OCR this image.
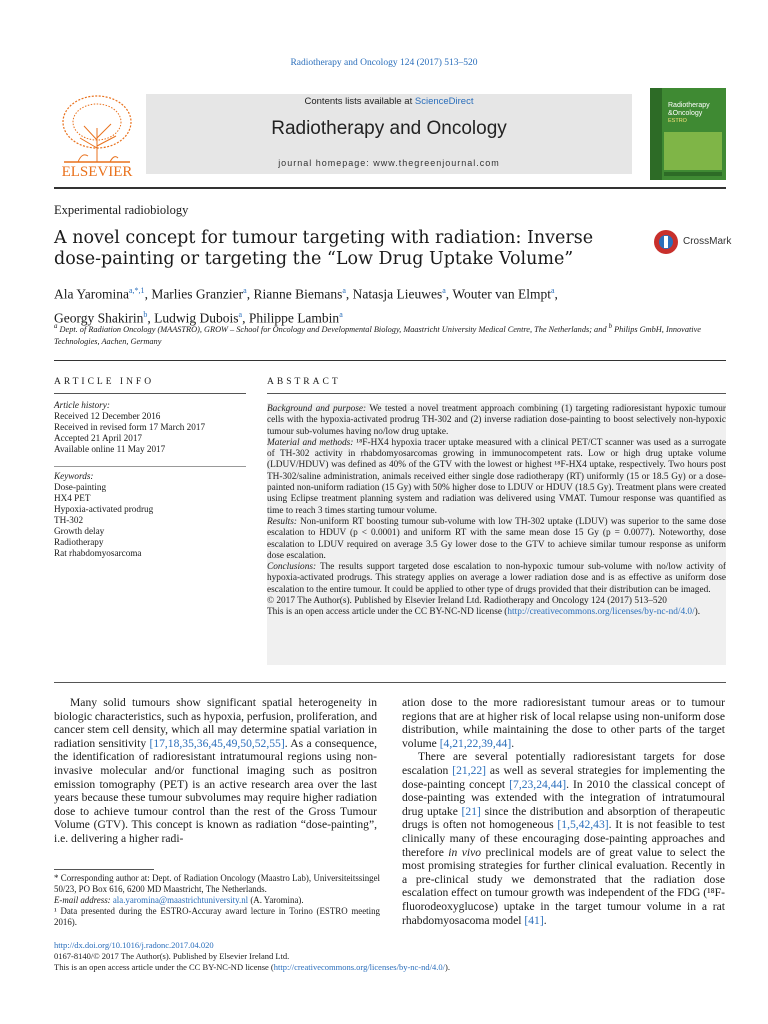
Radiotherapy and Oncology 124 (2017) 513–520
ELSEVIER
Contents lists available at ScienceDirect
Radiotherapy and Oncology
journal homepage: www.thegreenjournal.com
Radiotherapy
&Oncology
ESTRO
Experimental radiobiology
A novel concept for tumour targeting with radiation: Inverse dose-painting or targeting the “Low Drug Uptake Volume”
CrossMark
Ala Yaromina$^{a,*,1}$, Marlies Granzier$^a$, Rianne Biemans$^a$, Natasja Lieuwes$^a$, Wouter van Elmpt$^a$,
Georgy Shakirin$^b$, Ludwig Dubois$^a$, Philippe Lambin$^a$
$^a$ Dept. of Radiation Oncology (MAASTRO), GROW – School for Oncology and Developmental Biology, Maastricht University Medical Centre, The Netherlands; and $^b$ Philips GmbH, Innovative Technologies, Aachen, Germany
ARTICLE INFO	ABSTRACT
Article history:
Received 12 December 2016
Received in revised form 17 March 2017
Accepted 21 April 2017
Available online 11 May 2017
Keywords:
Dose-painting
HX4 PET
Hypoxia-activated prodrug
TH-302
Growth delay
Radiotherapy
Rat rhabdomyosarcoma
Background and purpose: We tested a novel treatment approach combining (1) targeting radioresistant hypoxic tumour cells with the hypoxia-activated prodrug TH-302 and (2) inverse radiation dose-painting to boost selectively non-hypoxic tumour sub-volumes having no/low drug uptake.
Material and methods: ¹⁸F-HX4 hypoxia tracer uptake measured with a clinical PET/CT scanner was used as a surrogate of TH-302 activity in rhabdomyosarcomas growing in immunocompetent rats. Low or high drug uptake volume (LDUV/HDUV) was defined as 40% of the GTV with the lowest or highest ¹⁸F-HX4 uptake, respectively. Two hours post TH-302/saline administration, animals received either single dose radiotherapy (RT) uniformly (15 or 18.5 Gy) or a dose-painted non-uniform radiation (15 Gy) with 50% higher dose to LDUV or HDUV (18.5 Gy). Treatment plans were created using Eclipse treatment planning system and radiation was delivered using VMAT. Tumour response was quantified as time to reach 3 times starting tumour volume.
Results: Non-uniform RT boosting tumour sub-volume with low TH-302 uptake (LDUV) was superior to the same dose escalation to HDUV (p < 0.0001) and uniform RT with the same mean dose 15 Gy (p = 0.0077). Noteworthy, dose escalation to LDUV required on average 3.5 Gy lower dose to the GTV to achieve similar tumour response as uniform dose escalation.
Conclusions: The results support targeted dose escalation to non-hypoxic tumour sub-volume with no/low activity of hypoxia-activated prodrugs. This strategy applies on average a lower radiation dose and is as effective as uniform dose escalation to the entire tumour. It could be applied to other type of drugs provided that their distribution can be imaged.
© 2017 The Author(s). Published by Elsevier Ireland Ltd. Radiotherapy and Oncology 124 (2017) 513–520
This is an open access article under the CC BY-NC-ND license (http://creativecommons.org/licenses/by-nc-nd/4.0/).

Many solid tumours show significant spatial heterogeneity in biologic characteristics, such as hypoxia, perfusion, proliferation, and cancer stem cell density, which all may determine spatial variation in radiation sensitivity [17,18,35,36,45,49,50,52,55]. As a consequence, the identification of radioresistant intratumoural regions using non-invasive molecular and/or functional imaging such as positron emission tomography (PET) is an active research area over the last years because these tumour subvolumes may require higher radiation dose to achieve tumour control than the rest of the Gross Tumour Volume (GTV). This concept is known as radiation “dose-painting”, i.e. delivering a higher radi-

ation dose to the more radioresistant tumour areas or to tumour regions that are at higher risk of local relapse using non-uniform dose distribution, while maintaining the dose to other parts of the target volume [4,21,22,39,44].

There are several potentially radioresistant targets for dose escalation [21,22] as well as several strategies for implementing the dose-painting concept [7,23,24,44]. In 2010 the classical concept of dose-painting was extended with the integration of intratumoural drug uptake [21] since the distribution and absorption of therapeutic drugs is often not homogeneous [1,5,42,43]. It is not feasible to test clinically many of these encouraging dose-painting approaches and therefore in vivo preclinical models are of great value to select the most promising strategies for further clinical evaluation. Recently in a pre-clinical study we demonstrated that the radiation dose escalation effect on tumour growth was independent of the FDG (¹⁸F-fluorodeoxyglucose) uptake in the target tumour volume in a rat rhabdomyosacoma model [41].

* Corresponding author at: Dept. of Radiation Oncology (Maastro Lab), Universiteitssingel 50/23, PO Box 616, 6200 MD Maastricht, The Netherlands.
E-mail address: ala.yaromina@maastrichtuniversity.nl (A. Yaromina).
¹ Data presented during the ESTRO-Accuray award lecture in Torino (ESTRO meeting 2016).
http://dx.doi.org/10.1016/j.radonc.2017.04.020
0167-8140/© 2017 The Author(s). Published by Elsevier Ireland Ltd.
This is an open access article under the CC BY-NC-ND license (http://creativecommons.org/licenses/by-nc-nd/4.0/).
